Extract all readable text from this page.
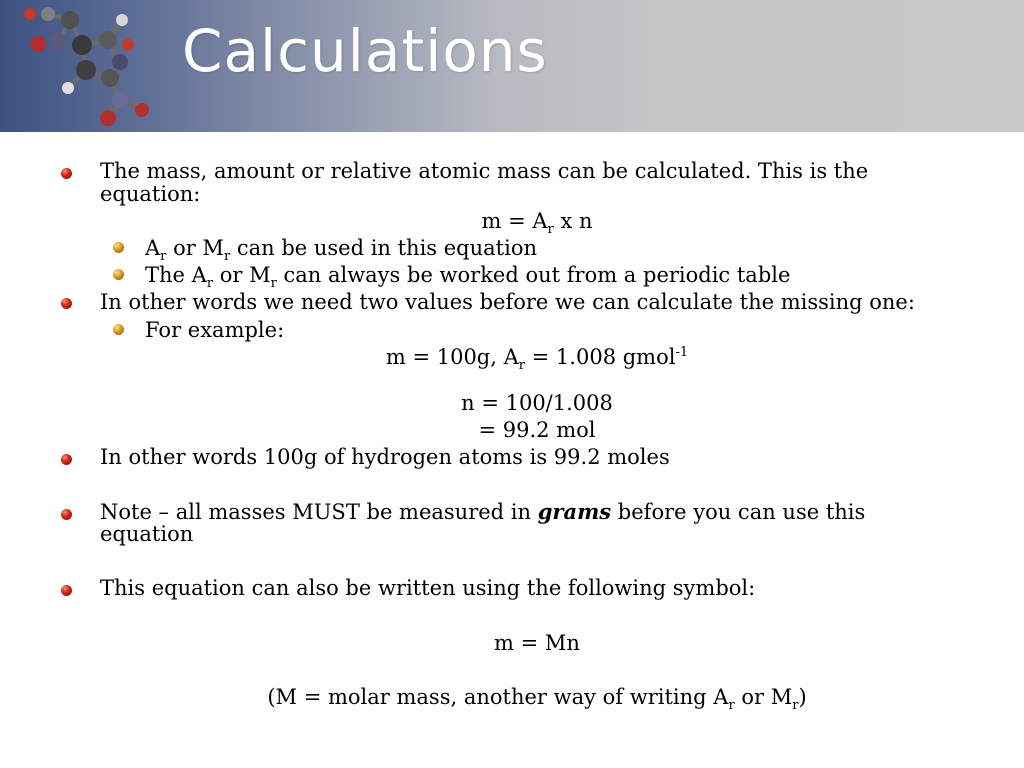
Calculations
The mass, amount or relative atomic mass can be calculated. This is the
equation:
$m = A_r$ x n
$A_r$ or $M_r$ can be used in this equation
The $A_r$ or $M_r$ can always be worked out from a periodic table
In other words we need two values before we can calculate the missing one:
For example:
m = 100g, $A_r = 1.008$ gmol$^{-1}$
n = 100/1.008
= 99.2 mol
In other words 100g of hydrogen atoms is 99.2 moles
Note – all masses MUST be measured in grams before you can use this
equation
This equation can also be written using the following symbol:
m = Mn
(M = molar mass, another way of writing $A_r$ or $M_r$)
